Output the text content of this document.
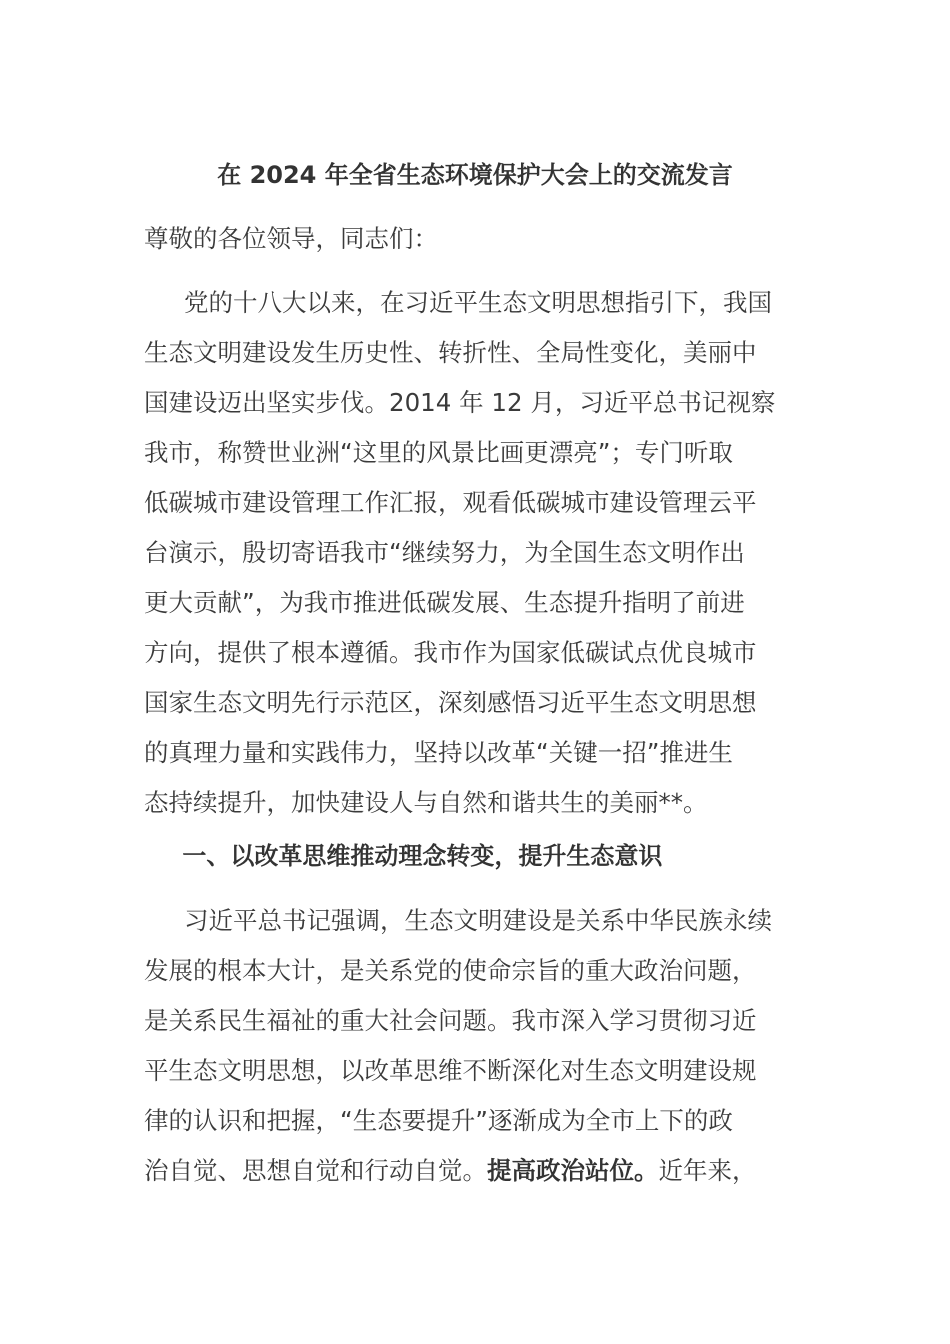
在 2024 年全省生态环境保护大会上的交流发言
尊敬的各位领导，同志们：
党的十八大以来，在习近平生态文明思想指引下，我国
生态文明建设发生历史性、转折性、全局性变化，美丽中
国建设迈出坚实步伐。2014 年 12 月，习近平总书记视察
我市，称赞世业洲“这里的风景比画更漂亮”；专门听取
低碳城市建设管理工作汇报，观看低碳城市建设管理云平
台演示，殷切寄语我市“继续努力，为全国生态文明作出
更大贡献”，为我市推进低碳发展、生态提升指明了前进
方向，提供了根本遵循。我市作为国家低碳试点优良城市
国家生态文明先行示范区，深刻感悟习近平生态文明思想
的真理力量和实践伟力，坚持以改革“关键一招”推进生
态持续提升，加快建设人与自然和谐共生的美丽**。
一、以改革思维推动理念转变，提升生态意识
习近平总书记强调，生态文明建设是关系中华民族永续
发展的根本大计，是关系党的使命宗旨的重大政治问题，
是关系民生福祉的重大社会问题。我市深入学习贯彻习近
平生态文明思想，以改革思维不断深化对生态文明建设规
律的认识和把握，“生态要提升”逐渐成为全市上下的政
治自觉、思想自觉和行动自觉。提高政治站位。近年来，
